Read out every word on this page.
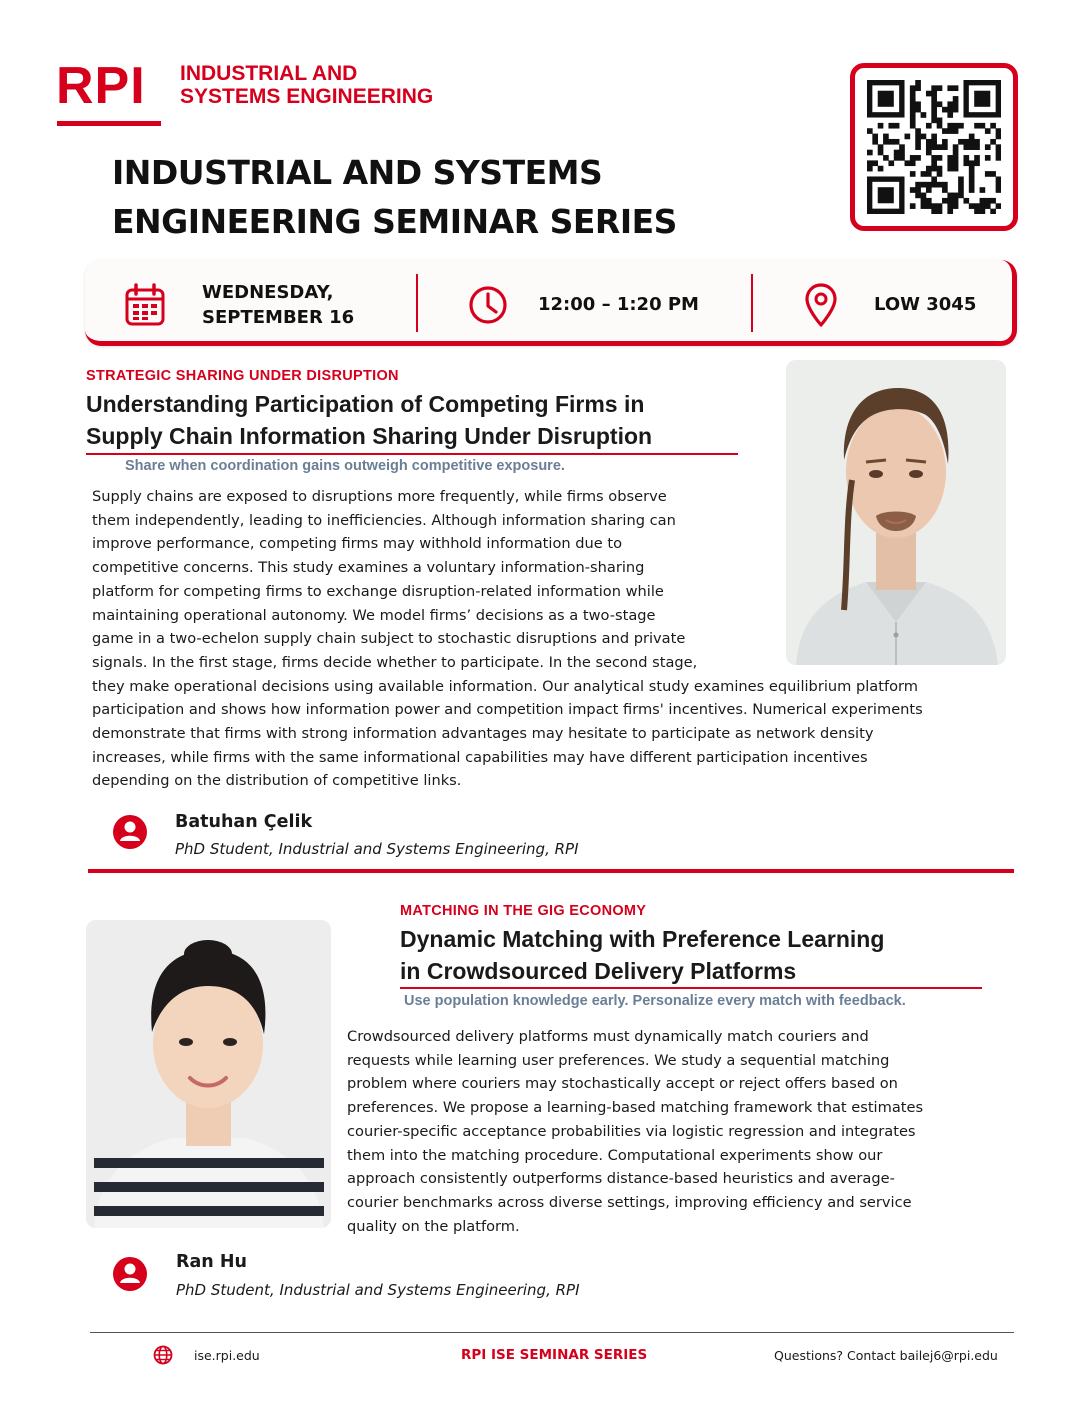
RPI INDUSTRIAL AND
SYSTEMS ENGINEERING
INDUSTRIAL AND SYSTEMS
ENGINEERING SEMINAR SERIES
WEDNESDAY,
SEPTEMBER 16
12:00 – 1:20 PM	LOW 3045
STRATEGIC SHARING UNDER DISRUPTION
Understanding Participation of Competing Firms in
Supply Chain Information Sharing Under Disruption
Share when coordination gains outweigh competitive exposure.
Supply chains are exposed to disruptions more frequently, while firms observe
them independently, leading to inefficiencies. Although information sharing can
improve performance, competing firms may withhold information due to
competitive concerns. This study examines a voluntary information-sharing
platform for competing firms to exchange disruption-related information while
maintaining operational autonomy. We model firms’ decisions as a two-stage
game in a two-echelon supply chain subject to stochastic disruptions and private
signals. In the first stage, firms decide whether to participate. In the second stage,
they make operational decisions using available information. Our analytical study examines equilibrium platform
participation and shows how information power and competition impact firms' incentives. Numerical experiments
demonstrate that firms with strong information advantages may hesitate to participate as network density
increases, while firms with the same informational capabilities may have different participation incentives
depending on the distribution of competitive links.
Batuhan Çelik
PhD Student, Industrial and Systems Engineering, RPI
MATCHING IN THE GIG ECONOMY
Dynamic Matching with Preference Learning
in Crowdsourced Delivery Platforms
Use population knowledge early. Personalize every match with feedback.
Crowdsourced delivery platforms must dynamically match couriers and
requests while learning user preferences. We study a sequential matching
problem where couriers may stochastically accept or reject offers based on
preferences. We propose a learning-based matching framework that estimates
courier-specific acceptance probabilities via logistic regression and integrates
them into the matching procedure. Computational experiments show our
approach consistently outperforms distance-based heuristics and average-
courier benchmarks across diverse settings, improving efficiency and service
quality on the platform.
Ran Hu
PhD Student, Industrial and Systems Engineering, RPI
ise.rpi.edu	RPI ISE SEMINAR SERIES	Questions? Contact bailej6@rpi.edu
